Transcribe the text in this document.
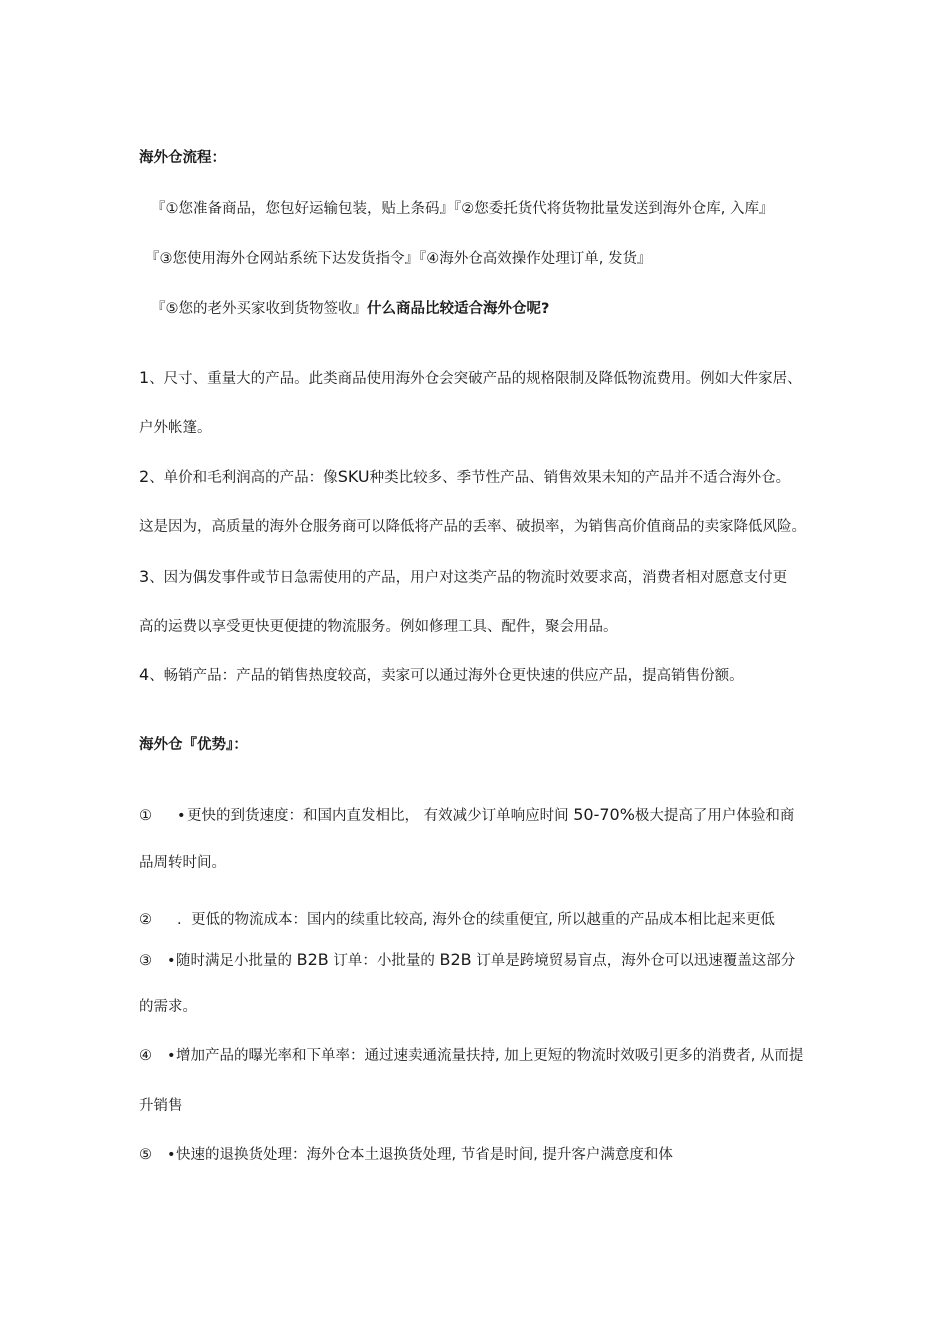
海外仓流程：
『①您准备商品，您包好运输包装，贴上条码』『②您委托货代将货物批量发送到海外仓库, 入库』
『③您使用海外仓网站系统下达发货指令』『④海外仓高效操作处理订单, 发货』
『⑤您的老外买家收到货物签收』什么商品比较适合海外仓呢?
1、尺寸、重量大的产品。此类商品使用海外仓会突破产品的规格限制及降低物流费用。例如大件家居、
户外帐篷。
2、单价和毛利润高的产品：像SKU种类比较多、季节性产品、销售效果未知的产品并不适合海外仓。
这是因为，高质量的海外仓服务商可以降低将产品的丢率、破损率，为销售高价值商品的卖家降低风险。
3、因为偶发事件或节日急需使用的产品，用户对这类产品的物流时效要求高，消费者相对愿意支付更
高的运费以享受更快更便捷的物流服务。例如修理工具、配件，聚会用品。
4、畅销产品：产品的销售热度较高，卖家可以通过海外仓更快速的供应产品，提高销售份额。
海外仓『优势』：
① •更快的到货速度：和国内直发相比， 有效减少订单响应时间 50-70%极大提高了用户体验和商
品周转时间。
② . 更低的物流成本：国内的续重比较高, 海外仓的续重便宜, 所以越重的产品成本相比起来更低
③ •随时满足小批量的 B2B 订单：小批量的 B2B 订单是跨境贸易盲点，海外仓可以迅速覆盖这部分
的需求。
④ •增加产品的曝光率和下单率：通过速卖通流量扶持, 加上更短的物流时效吸引更多的消费者, 从而提
升销售
⑤ •快速的退换货处理：海外仓本土退换货处理, 节省是时间, 提升客户满意度和体
